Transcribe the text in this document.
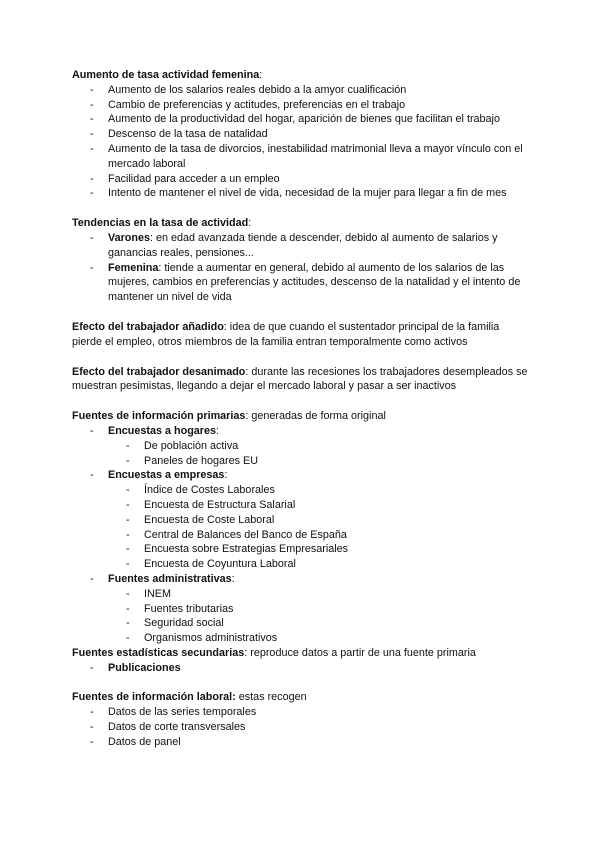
Aumento de tasa actividad femenina:

- Aumento de los salarios reales debido a la amyor cualificación
- Cambio de preferencias y actitudes, preferencias en el trabajo
- Aumento de la productividad del hogar, aparición de bienes que facilitan el trabajo
- Descenso de la tasa de natalidad
- Aumento de la tasa de divorcios, inestabilidad matrimonial lleva a mayor vínculo con el mercado laboral
- Facilidad para acceder a un empleo
- Intento de mantener el nivel de vida, necesidad de la mujer para llegar a fin de mes

Tendencias en la tasa de actividad:

- Varones: en edad avanzada tiende a descender, debido al aumento de salarios y ganancias reales, pensiones...
- Femenina: tiende a aumentar en general, debido al aumento de los salarios de las mujeres, cambios en preferencias y actitudes, descenso de la natalidad y el intento de mantener un nivel de vida

Efecto del trabajador añadido: idea de que cuando el sustentador principal de la familia pierde el empleo, otros miembros de la familia entran temporalmente como activos

Efecto del trabajador desanimado: durante las recesiones los trabajadores desempleados se muestran pesimistas, llegando a dejar el mercado laboral y pasar a ser inactivos

Fuentes de información primarias: generadas de forma original

- Encuestas a hogares:
- De población activa
- Paneles de hogares EU
- Encuestas a empresas:
- Índice de Costes Laborales
- Encuesta de Estructura Salarial
- Encuesta de Coste Laboral
- Central de Balances del Banco de España
- Encuesta sobre Estrategias Empresariales
- Encuesta de Coyuntura Laboral
- Fuentes administrativas:
- INEM
- Fuentes tributarias
- Seguridad social
- Organismos administrativos

Fuentes estadísticas secundarias: reproduce datos a partir de una fuente primaria

- Publicaciones

Fuentes de información laboral: estas recogen

- Datos de las series temporales
- Datos de corte transversales
- Datos de panel
